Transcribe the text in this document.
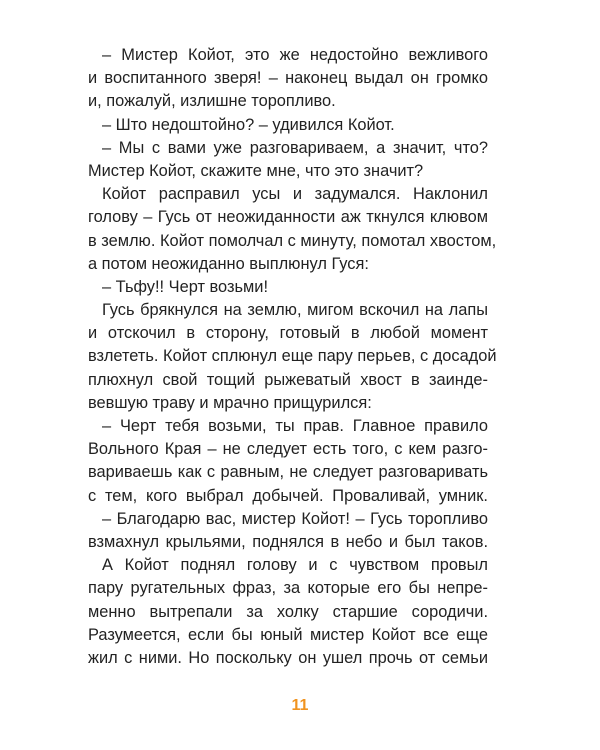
– Мистер Койот, это же недостойно вежливого
и воспитанного зверя! – наконец выдал он громко
и, пожалуй, излишне торопливо.
– Што недоштойно? – удивился Койот.
– Мы с вами уже разговариваем, а значит, что?
Мистер Койот, скажите мне, что это значит?
Койот расправил усы и задумался. Наклонил
голову – Гусь от неожиданности аж ткнулся клювом
в землю. Койот помолчал с минуту, помотал хвостом,
а потом неожиданно выплюнул Гуся:
– Тьфу!! Черт возьми!
Гусь брякнулся на землю, мигом вскочил на лапы
и отскочил в сторону, готовый в любой момент
взлететь. Койот сплюнул еще пару перьев, с досадой
плюхнул свой тощий рыжеватый хвост в заинде-
вевшую траву и мрачно прищурился:
– Черт тебя возьми, ты прав. Главное правило
Вольного Края – не следует есть того, с кем разго-
вариваешь как с равным, не следует разговаривать
с тем, кого выбрал добычей. Проваливай, умник.
– Благодарю вас, мистер Койот! – Гусь торопливо
взмахнул крыльями, поднялся в небо и был таков.
А Койот поднял голову и с чувством провыл
пару ругательных фраз, за которые его бы непре-
менно вытрепали за холку старшие сородичи.
Разумеется, если бы юный мистер Койот все еще
жил с ними. Но поскольку он ушел прочь от семьи
11
